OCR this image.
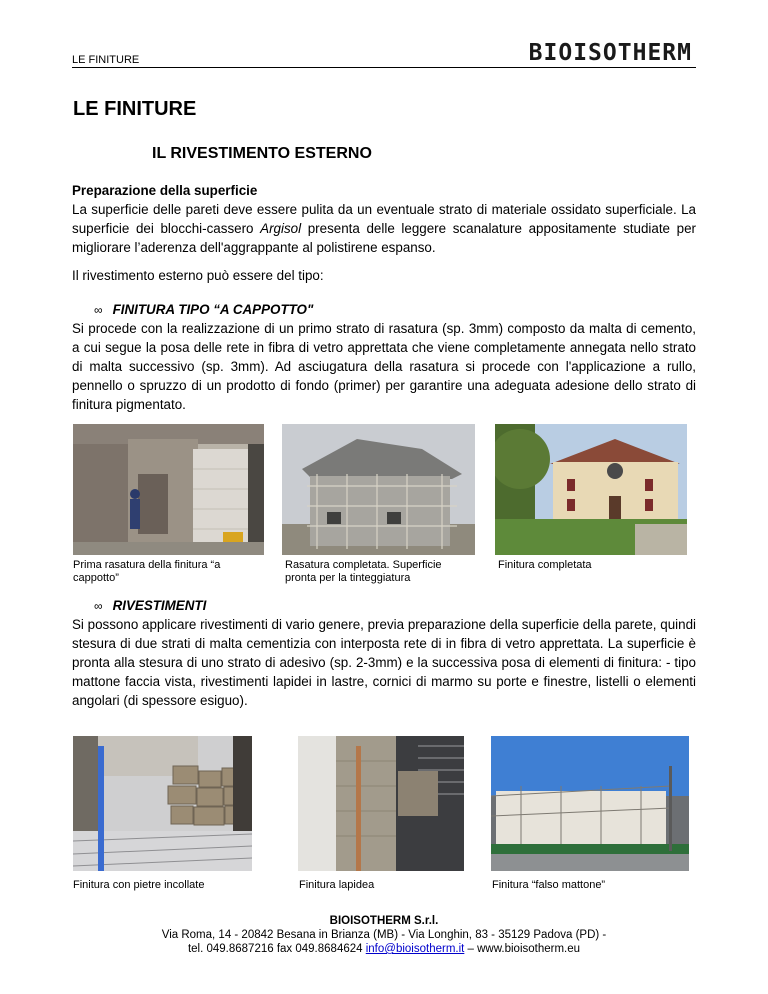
LE FINITURE	BIOISOTHERM
LE FINITURE
IL RIVESTIMENTO ESTERNO

Preparazione della superficie
La superficie delle pareti deve essere pulita da un eventuale strato di materiale ossidato superficiale. La superficie dei blocchi-cassero Argisol presenta delle leggere scanalature appositamente studiate per migliorare l’aderenza dell'aggrappante al polistirene espanso.

Il rivestimento esterno può essere del tipo:

∞ FINITURA TIPO “A CAPPOTTO"

Si procede con la realizzazione di un primo strato di rasatura (sp. 3mm) composto da malta di cemento, a cui segue la posa delle rete in fibra di vetro apprettata che viene completamente annegata nello strato di malta successivo (sp. 3mm). Ad asciugatura della rasatura si procede con l'applicazione a rullo, pennello o spruzzo di un prodotto di fondo (primer) per garantire una adeguata adesione dello strato di finitura pigmentato.

Prima rasatura della finitura “a cappotto”
Rasatura completata. Superficie pronta per la tinteggiatura
Finitura completata
∞ RIVESTIMENTI

Si possono applicare rivestimenti di vario genere, previa preparazione della superficie della parete, quindi stesura di due strati di malta cementizia con interposta rete di in fibra di vetro apprettata. La superficie è pronta alla stesura di uno strato di adesivo (sp. 2-3mm) e la successiva posa di elementi di finitura: - tipo mattone faccia vista, rivestimenti lapidei in lastre, cornici di marmo su porte e finestre, listelli o elementi angolari (di spessore esiguo).

Finitura con pietre incollate	Finitura lapidea	Finitura “falso mattone”
BIOISOTHERM S.r.l.
Via Roma, 14 - 20842 Besana in Brianza (MB) - Via Longhin, 83 - 35129 Padova (PD) -
tel. 049.8687216 fax 049.8684624 info@bioisotherm.it – www.bioisotherm.eu
